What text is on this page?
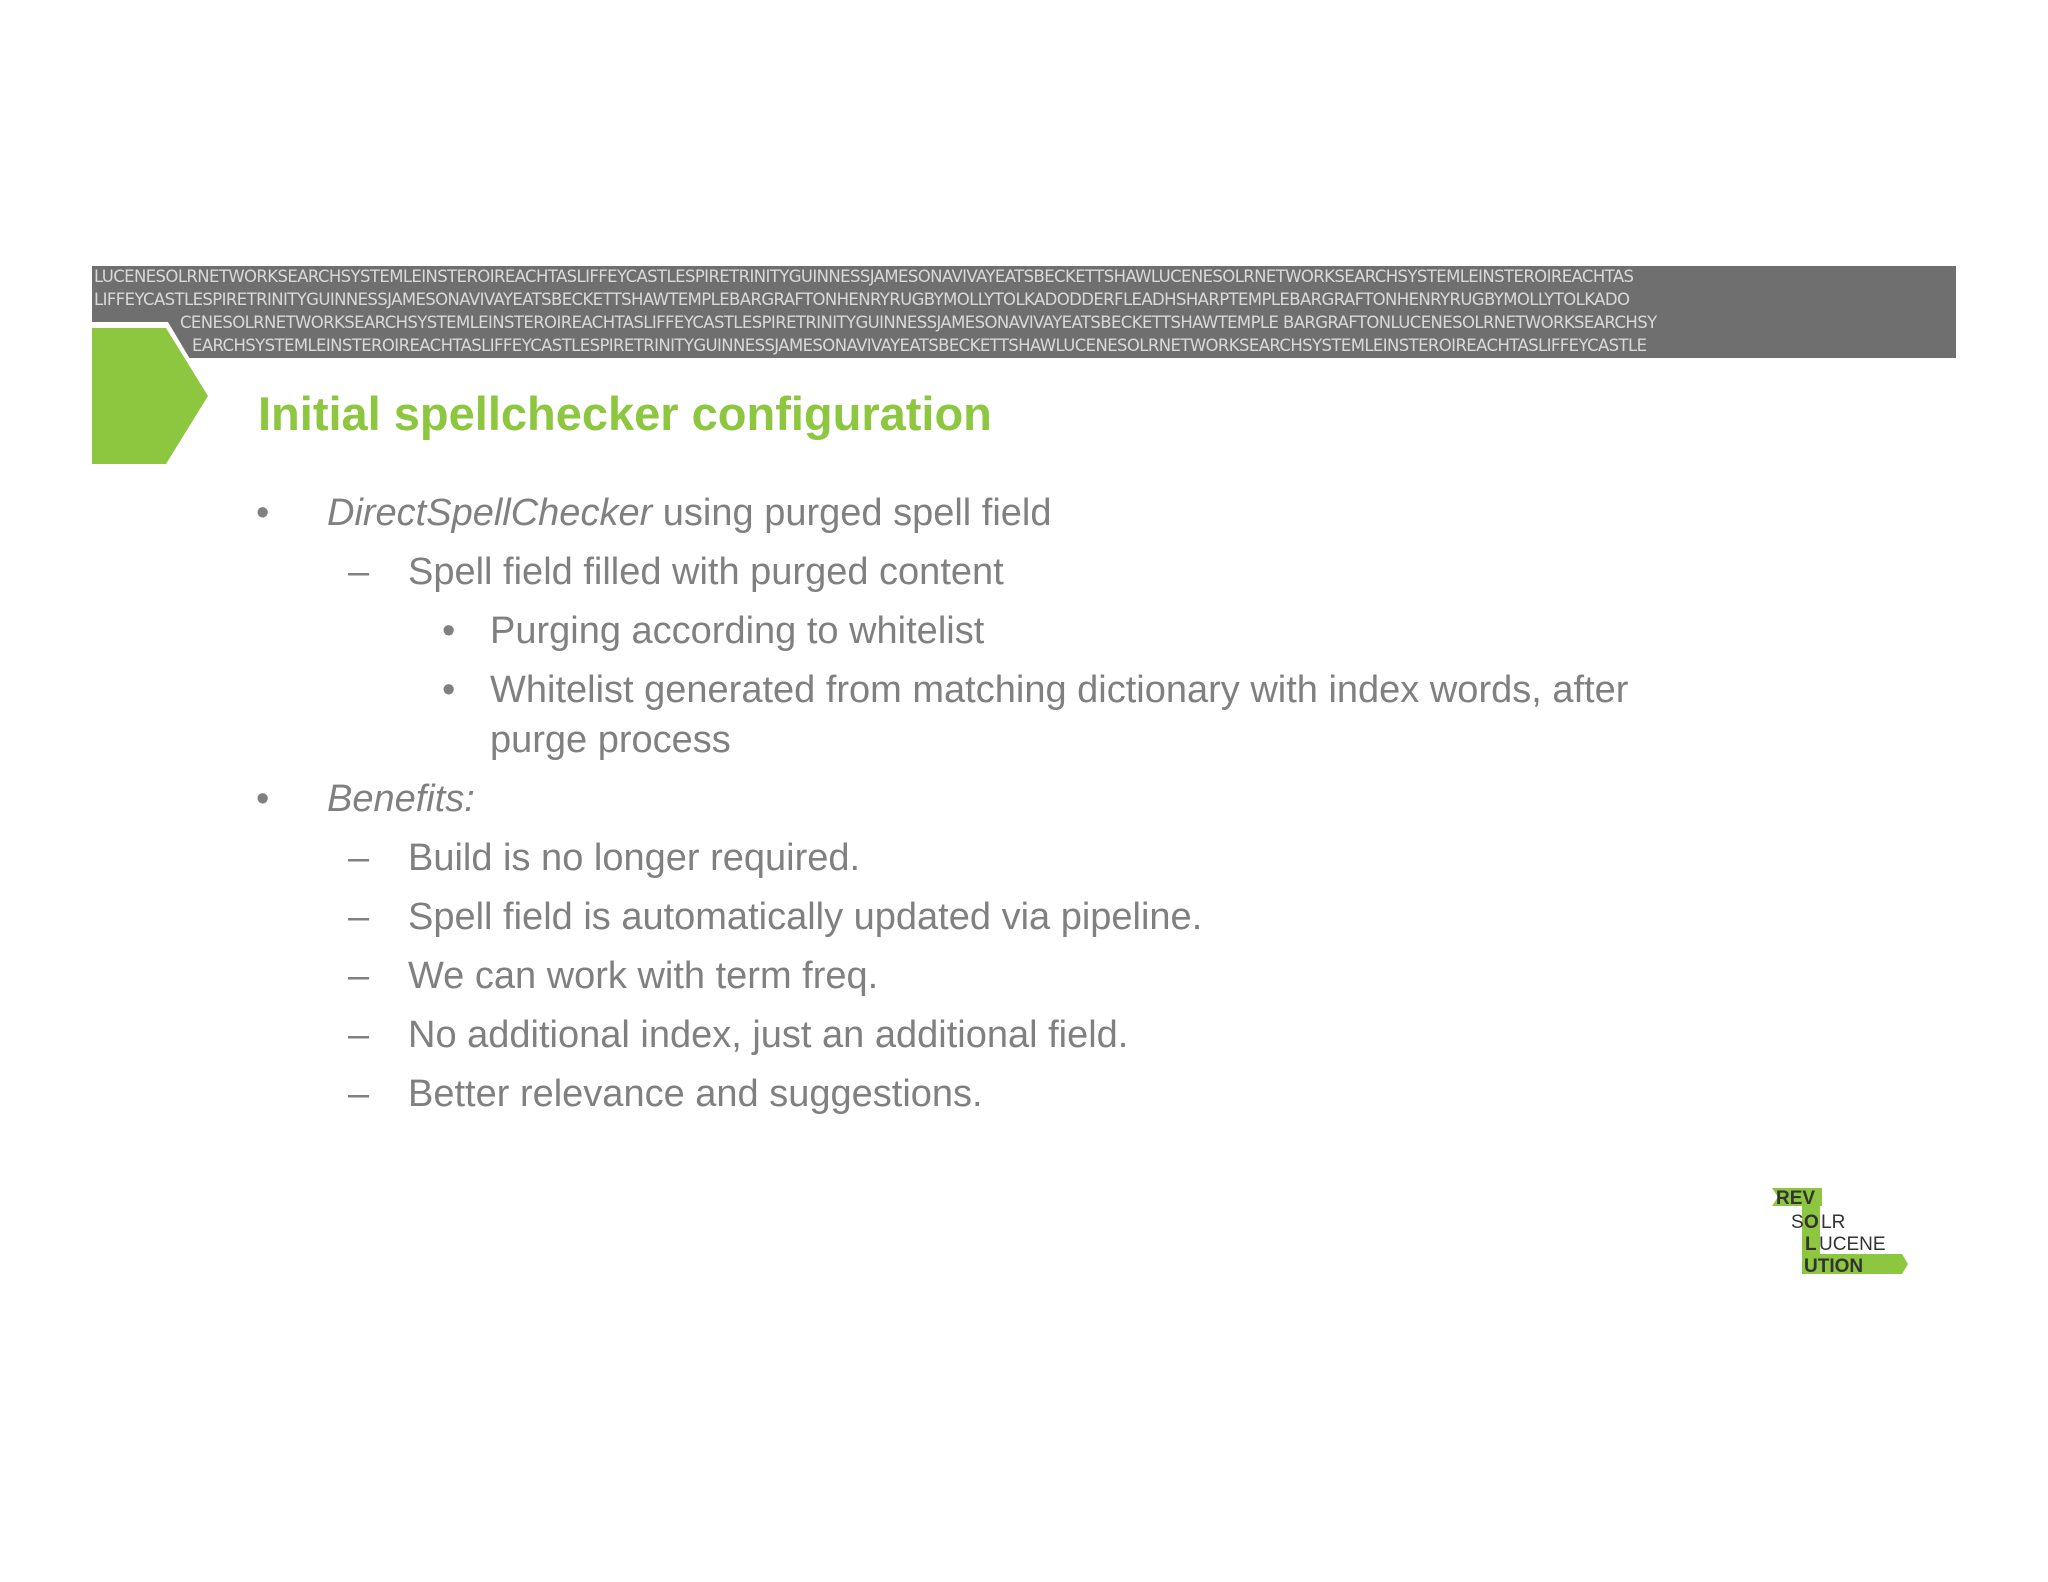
LUCENESOLRNETWORKSEARCHSYSTEMLEINSTEROIREACHTASLIFFEYCASTLESPIRETRINITYGUINNESSJAMESONAVIVAYEATSBECKETTSHAWLUCENESOLRNETWORKSEARCHSYSTEMLEINSTEROIREACHTAS
LIFFEYCASTLESPIRETRINITYGUINNESSJAMESONAVIVAYEATSBECKETTSHAWTEMPLEBARGRAFTONHENRYRUGBYMOLLYTOLKADODDERFLEADHSHARPTEMPLEBARGRAFTONHENRYRUGBYMOLLYTOLKADO
CENESOLRNETWORKSEARCHSYSTEMLEINSTEROIREACHTASLIFFEYCASTLESPIRETRINITYGUINNESSJAMESONAVIVAYEATSBECKETTSHAWTEMPLE BARGRAFTONLUCENESOLRNETWORKSEARCHSY
EARCHSYSTEMLEINSTEROIREACHTASLIFFEYCASTLESPIRETRINITYGUINNESSJAMESONAVIVAYEATSBECKETTSHAWLUCENESOLRNETWORKSEARCHSYSTEMLEINSTEROIREACHTASLIFFEYCASTLE
Initial spellchecker configuration
• DirectSpellChecker using purged spell field
– Spell field filled with purged content
• Purging according to whitelist
• Whitelist generated from matching dictionary with index words, after
purge process
• Benefits:
– Build is no longer required.
– Spell field is automatically updated via pipeline.
– We can work with term freq.
– No additional index, just an additional field.
– Better relevance and suggestions.
REV
S O LR
L UCENE
UTION
